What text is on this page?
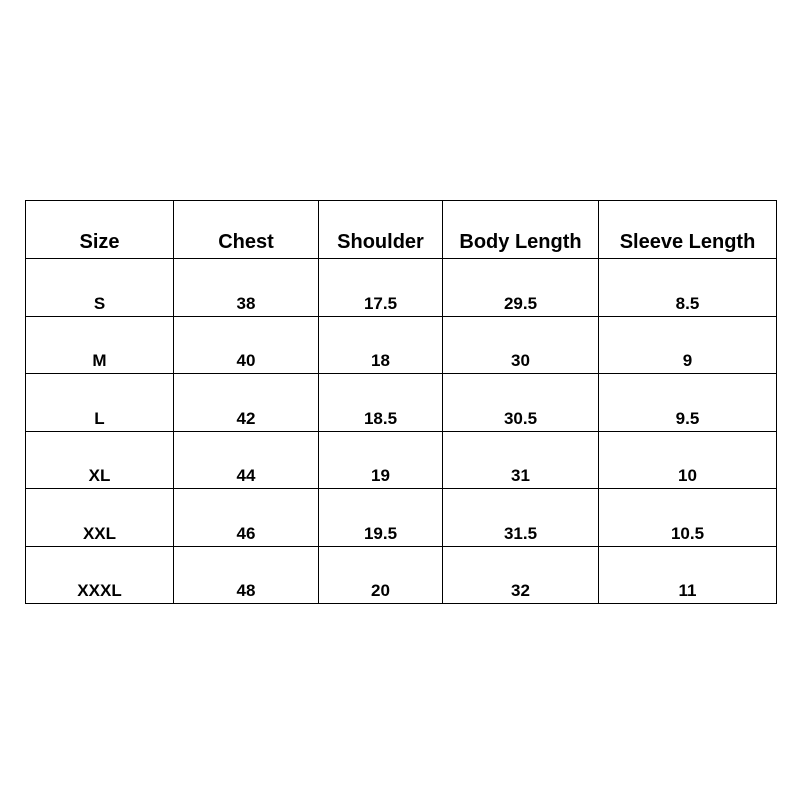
Size	Chest	Shoulder	Body Length	Sleeve Length
S	38	17.5	29.5	8.5
M	40	18	30	9
L	42	18.5	30.5	9.5
XL	44	19	31	10
XXL	46	19.5	31.5	10.5
XXXL	48	20	32	11
